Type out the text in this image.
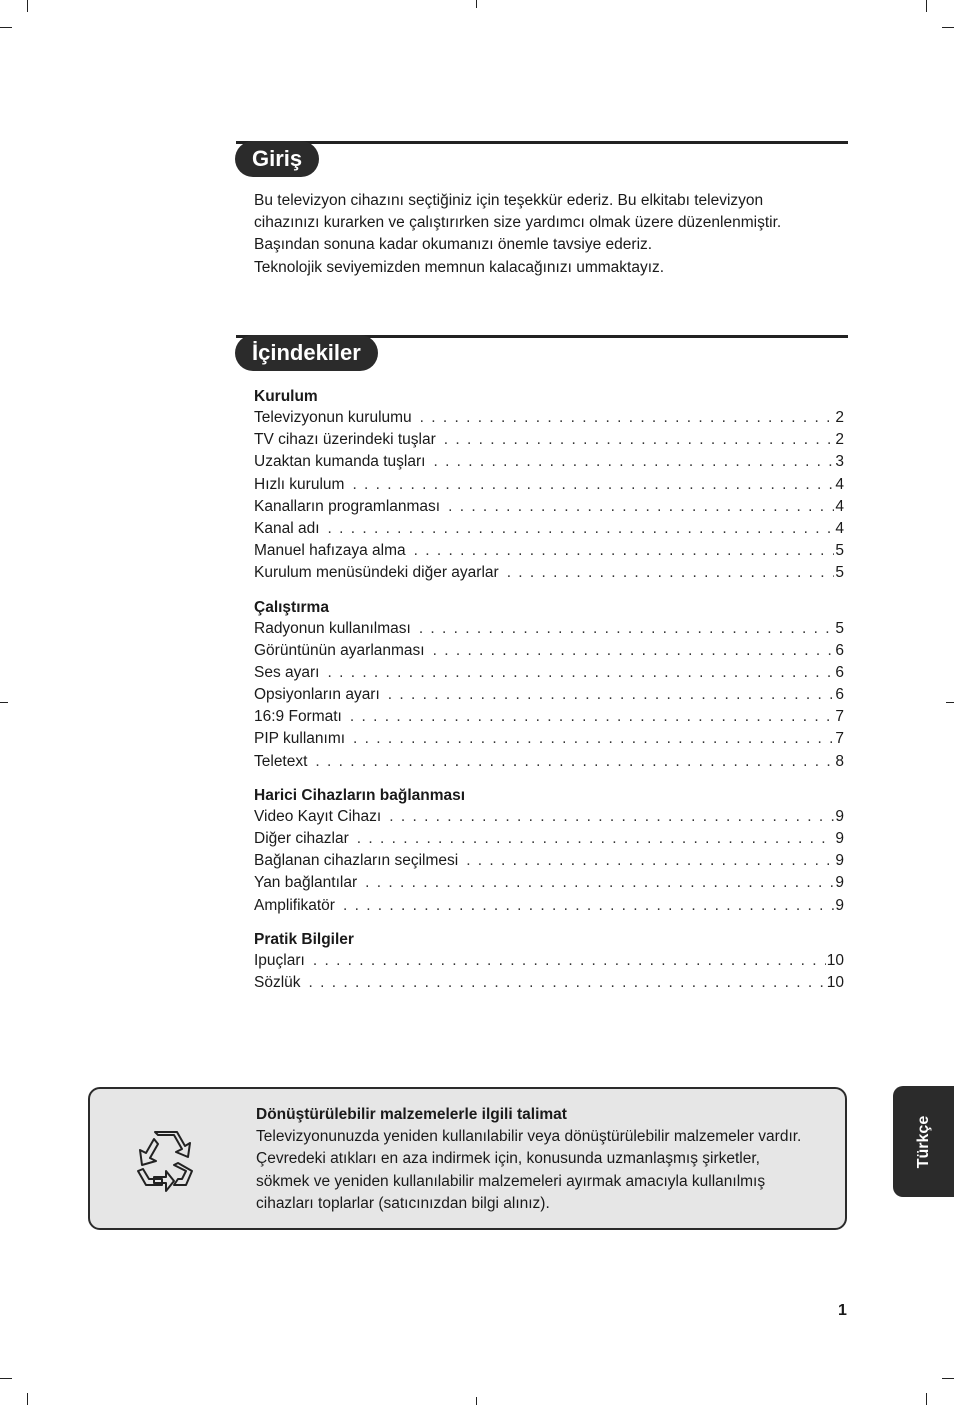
Giriş

Bu televizyon cihazını seçtiğiniz için teşekkür ederiz. Bu elkitabı televizyon

cihazınızı kurarken ve çalıştırırken size yardımcı olmak üzere düzenlenmiştir.

Başından sonuna kadar okumanızı önemle tavsiye ederiz.

Teknolojik seviyemizden memnun kalacağınızı ummaktayız.

İçindekiler
Kurulum
Televizyonun kurulumu . . .	2
TV cihazı üzerindeki tuşlar . . .	2
Uzaktan kumanda tuşları . . .	3
Hızlı kurulum . . .	4
Kanalların programlanması . . .	4
Kanal adı . . .	4
Manuel hafızaya alma . . .	5
Kurulum menüsündeki diğer ayarlar . . .	5
Çalıştırma
Radyonun kullanılması . . .	5
Görüntünün ayarlanması . . .	6
Ses ayarı . . .	6
Opsiyonların ayarı . . .	6
16:9 Formatı . . .	7
PIP kullanımı . . .	7
Teletext . . .	8
Harici Cihazların bağlanması
Video Kayıt Cihazı . . .	9
Diğer cihazlar . . .	9
Bağlanan cihazların seçilmesi . . .	9
Yan bağlantılar . . .	9
Amplifikatör . . .	9
Pratik Bilgiler
Ipuçları . . .	10
Sözlük . . .	10
Dönüştürülebilir malzemelerle ilgili talimat

Televizyonunuzda yeniden kullanılabilir veya dönüştürülebilir malzemeler vardır.

Çevredeki atıkları en aza indirmek için, konusunda uzmanlaşmış şirketler,

sökmek ve yeniden kullanılabilir malzemeleri ayırmak amacıyla kullanılmış

cihazları toplarlar (satıcınızdan bilgi alınız).

Türkçe
1
